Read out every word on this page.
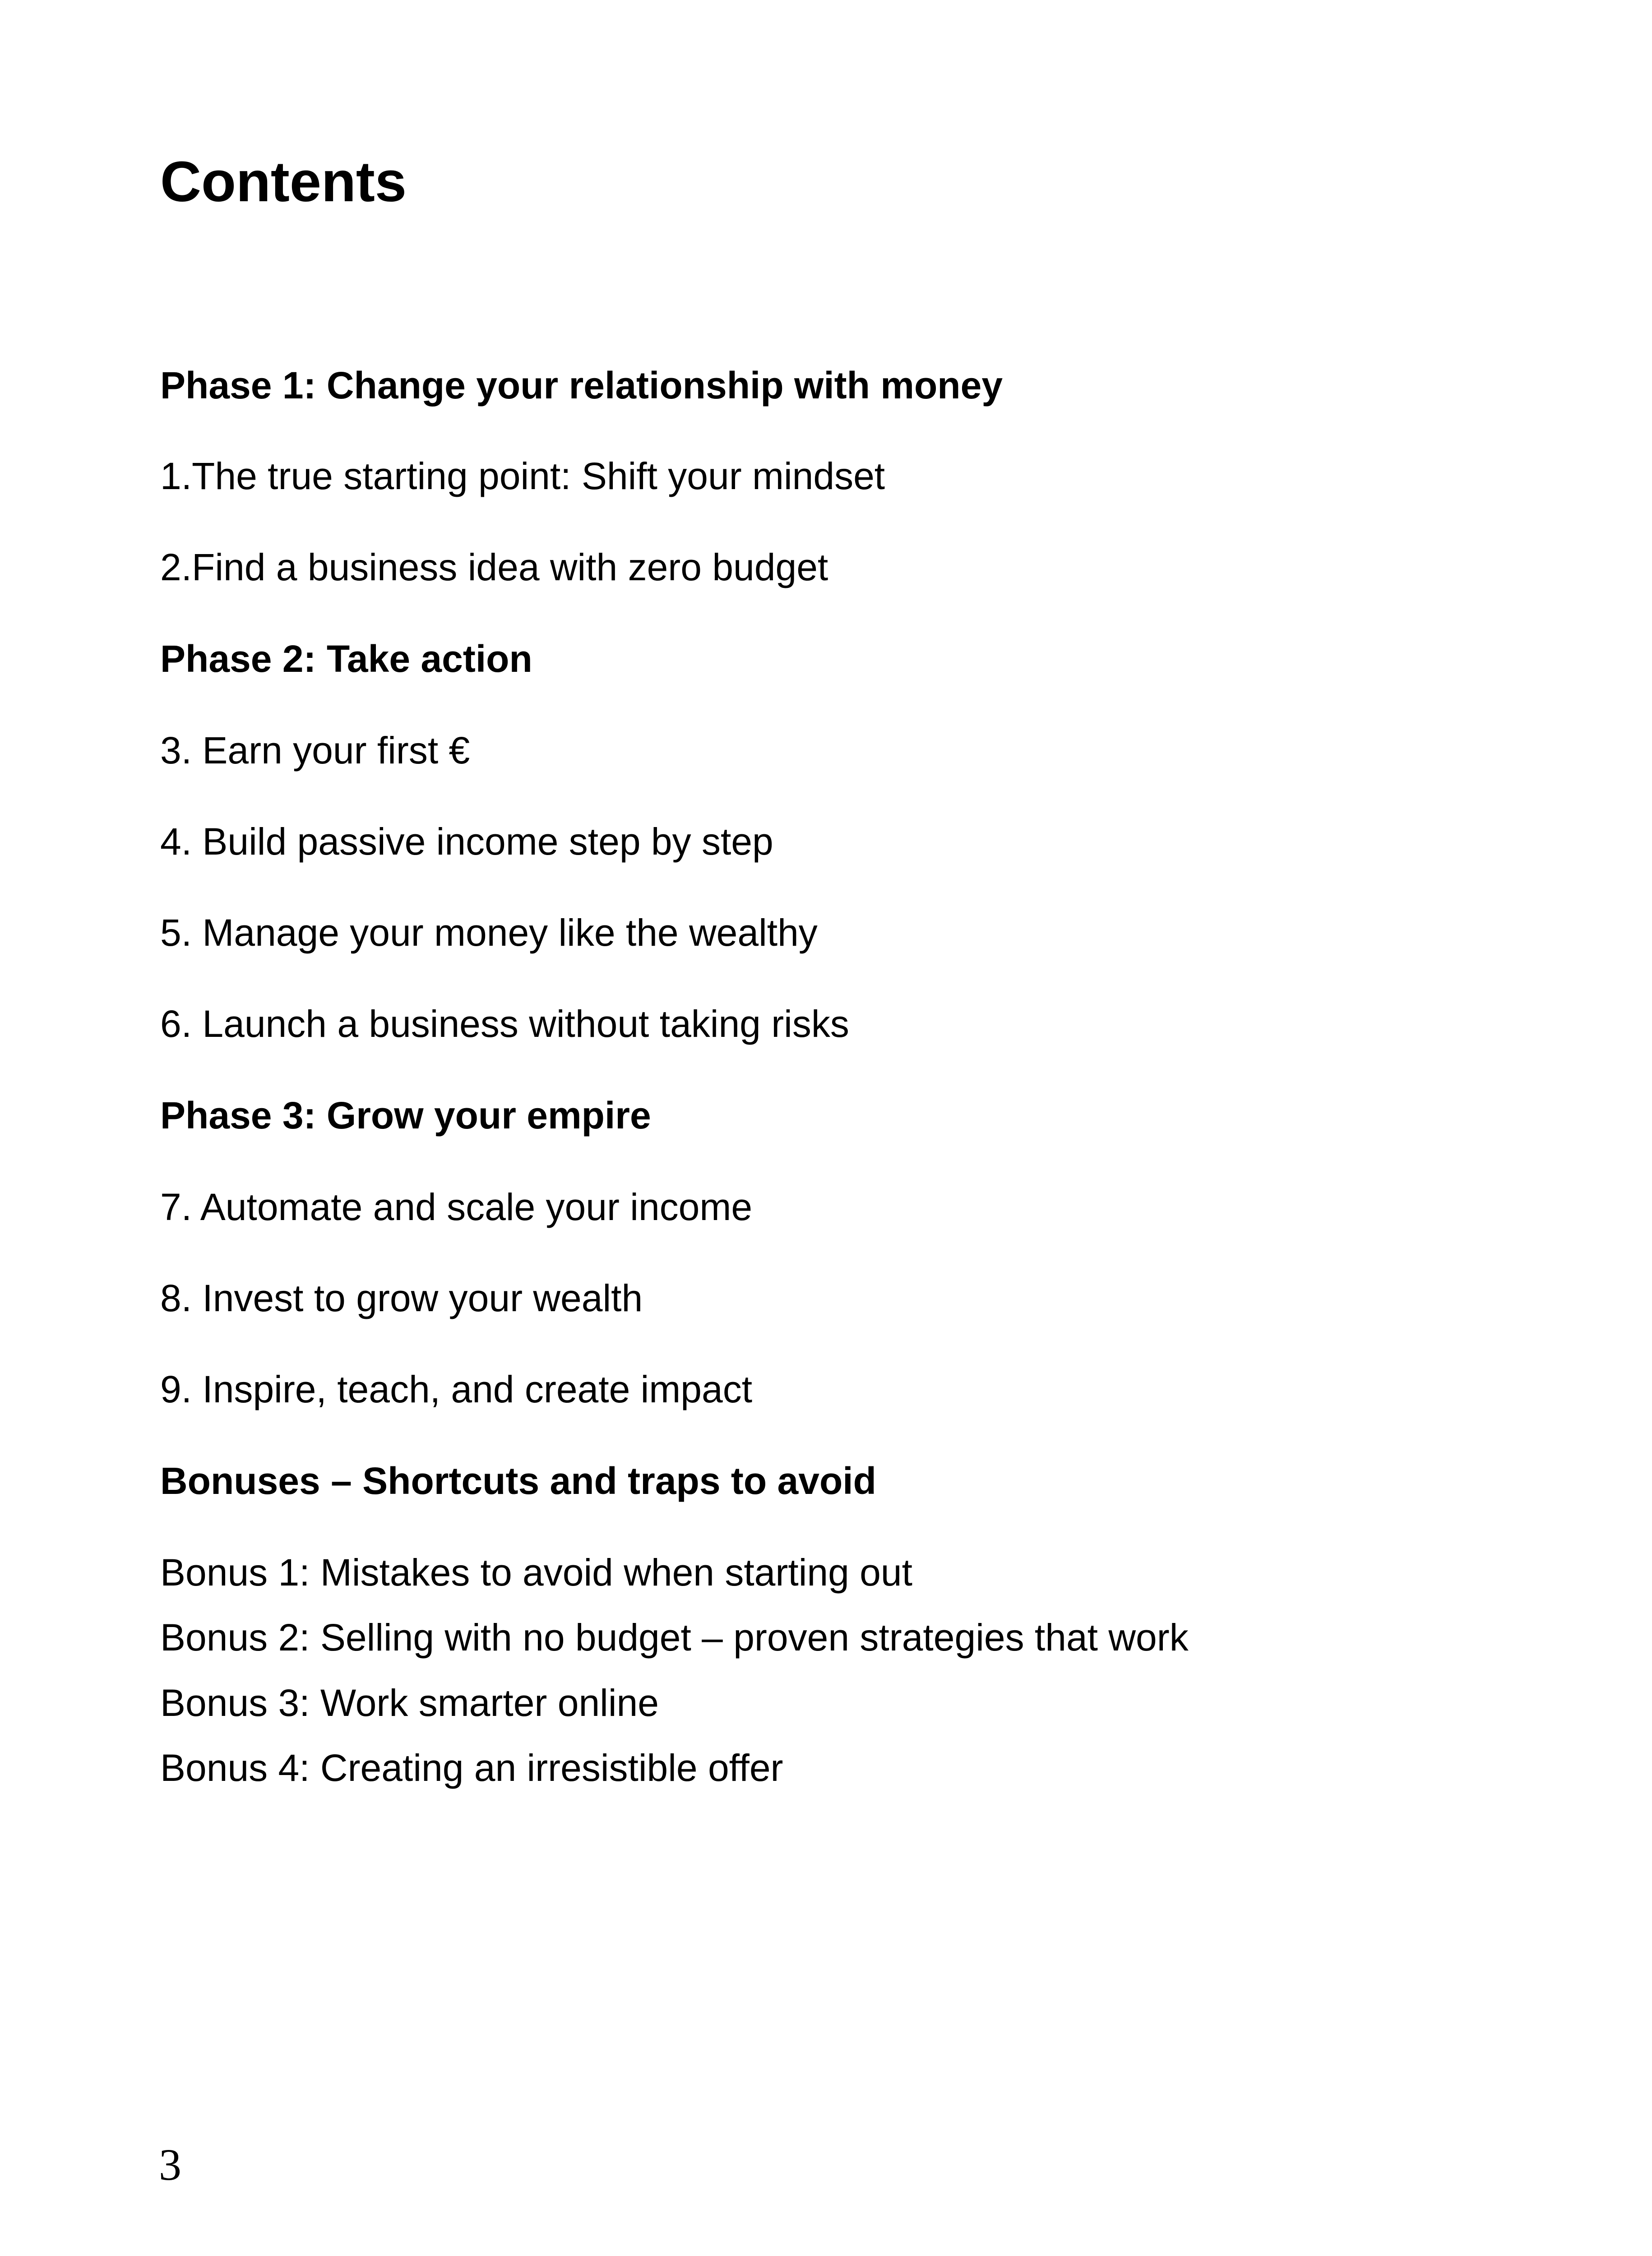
Contents
Phase 1: Change your relationship with money
1.The true starting point: Shift your mindset
2.Find a business idea with zero budget
Phase 2: Take action
3. Earn your first €
4. Build passive income step by step
5. Manage your money like the wealthy
6. Launch a business without taking risks
Phase 3: Grow your empire
7. Automate and scale your income
8. Invest to grow your wealth
9. Inspire, teach, and create impact
Bonuses – Shortcuts and traps to avoid
Bonus 1: Mistakes to avoid when starting out
Bonus 2: Selling with no budget – proven strategies that work
Bonus 3: Work smarter online
Bonus 4: Creating an irresistible offer
3
